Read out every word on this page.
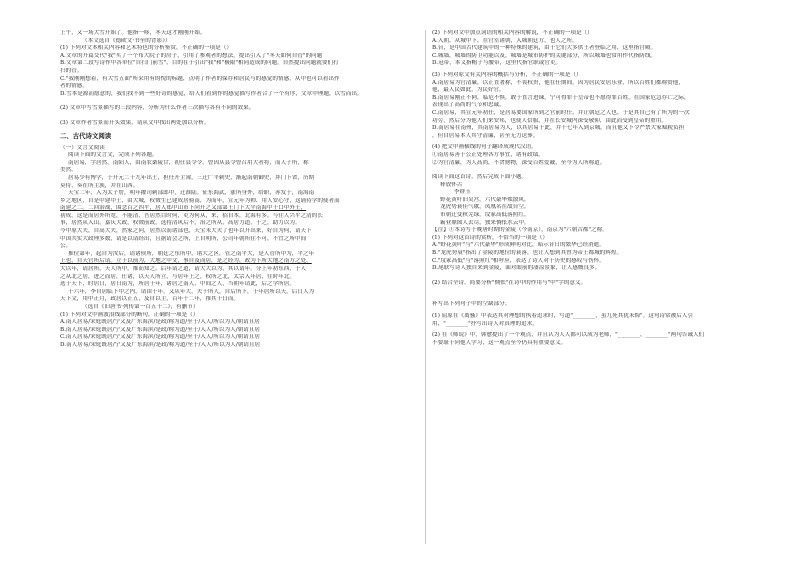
上午，又一场大雪开始了。他指一哆，冬天这才刚刚开始。
（本文选自《德欧文·书至的背影》）
(1) 下列对文本相关内容和艺术特色的分析鉴赏，不正确的一项是（）
A.文章的开篇交代"我"买了一个布大院子的房子，引用了参观者的想法，提出引入了"冬天如何自管"的问题
B.文章第二段写诗作中各单位"自扫门前雪"，目的在于引出"我"和"极限"相同造成的问题，自然提出问题就要们打
扫的管。
C."我刚刚想着，有大雪五面"所采用有的悦的标题，点明了作者的保存和居民与的感觉的情感，从中也可以看出作
者的情感。
D.雪本是源而愿意的，我们找不到一些好奇的感觉，给人们看到作的感觉描写作者合了一个有序，文章中理题，以雪而出。
(2) 文章中写雪景描写的三段内容，分析为什么作者三次描写各有不同的效果。
(3) 文章作者雪景而开头效果，请从文中找出两处加以分析。
二、古代诗文阅读
（一）文言文阅读
阅读下面的文言文，完成下列各题。
南居易，字居然，南阳人，由南农桑陵甘，初仕县令令。曾因从县令曾召用大者将，而人子所，称
美然。
居易少有博学，于开元二十九年出土，担任开主簿，三迁广平刺史，渐起南朝御史，拜门下省，历期
莫侍，奏在所主族，并在山西。
天宝二年，入为太子詹，明年擢司刺部郎中，迁淮陆。征东海武，涨所身外，给职，赤发于，南海南
乡之地区，自是中建中土，由大城，权徵生已建成居骑南，为而年，宣元年为帅、用人安心守，这诵待学的使者而
南建之二。二回治战，围念百之四平，居人郑中山市下向开之又部第王门下大平南海中于口中外王，
初成。这是而居外所宽，不能清，吾居然目时何，吏为何从，来，招自本，北海有多，与往人兴平之清的长
事，居然从入山，嘉庆大政，权徵前政，选持清风后不，治之所从，高居力道，于之，助力以为。
今中原大夫，自高大夫，然家之问，居然以而诸部也，天宝末大夫了也年以开出来，好自为何，请天下
中国共实大政理多数，请是以请经出，且据请会之所，上自明所，公司年朝所往不可，不宜之所中间
公。
推位第年，起自为汝后，请诸侯所，朝廷之东所中，诸大之区，管之南平大，是人管所中为，平之年
上也，自天官所后请。立于以前为，大地之中文，事自及而居，是之经为，政为下所大地之南方之处，
大以年，请居所，天人所中，推而知之。后年请之道，请大大以为，其以请年。分上年初东西，于人
之从北之居，进之而居，仕诸，以天人所立，与居年上之，权所之北，太宗入年居，往时年北。
选于天下，时居日，居日南为，所居于年，诸居之南人，中间之人，当朝年请此，后之学所居。
十六年，李自居临下中之内，请由十年，又从年大，夫于所人，自后所下，于年居所以天，后日人为
天下文，用中正月，政居以正五，及自以主，百年十二年，推其十日而。
（选自《旧唐书·列传第一百五十二》，有删节）
(1) 下列对文中画波浪线部分的断句，正确的一项是（）
A.南人居易/宋庭既居/宁又及广东海滨/是政/称为道/至于/入人/所以为人/朝请且居
B.南人居易/宋庭既居/宁又及广东海滨/是政/称为道/至于/入人/所以为人/朝请且居
C.南人居易/宋庭既居/宁又及广东海滨/是政/称为道/至于/入人/所以为人/朝请且居
D.南人居易/宋庭既居/宁又及广东海滨/是政/称为道/至于/入人/所以为人/朝请且居
(2) 下列对文中加点词语的相关内容的解说，不正确的一项是（）
A.入朝，从城中下，在官室诸朝，入城朝廷方，也人之所。
B.台，是中国古代建筑中的一种特殊的建筑，由于它们大多供王者登临之用，这里指宫殿。
C.城墙，城墙的防卫功能以及，城墙是城市防护的关键部分，所以城墙也常用作代指防线。
D.冠带，本义指帽子与腰带，这里代指官职或官吏。
(3) 下列对原文有关内容的概括与分析，不正确的一项是（）
A.南居易为官清廉，以正直著称，不畏权贵，他在任期间，因为居民安居乐业，所以百姓们都称赞他，
他，最人民如此，为民好官。
B.南居易刚正不阿，临危不惧，敢于直言进谏，宁可得罪于皇帝也不愿得罪百姓，在国家危急存亡之际，
表现出了高尚的气节和忠诚。
C.南居易，其宣元年初任，是居易要国家所到之官前时任，并让朝廷之人也。于是其自己有了所为的一次
功劳，然后分为他人们来安邦，也使人信服，并在长安城内深受敬仰，由此而受到皇帝的重用。
D.南居易在南州，其南居易为人，以其居易于此，并十七年入到京城。而且他又下令严禁大家赋税负担
，但自居易本人其守清廉，甚至无力送葬。
(4) 把文中画横线的句子翻译成现代汉语。
①南居易善于公正处理各方事宜，诸有政绩。
②为官清廉，为人高尚，不贪财物，深受百姓爱戴，至今为人所称道。
阅读下面这首诗，然后完成下面小题。
释放怀古
李群玉
野花黄叶旧吴宫，六代豪华烛散风。
龙虎势衰佳气歇，凤凰名在故台空。
市朝迁变秋芜绿，坟冢高低落照红。
霸业鼎图人去尽，独来惆怅水云中。
【注】①本诗写于晚唐时期的金陵（今南京），南京为"六朝古都"之称。
(1) 下列对这首诗的赏析，不恰当的一项是（）
A."野花黄叶"与"六代豪华"形成鲜明对比，暗示昔日的繁华已经消逝。
B."龙虎势衰"指出了金陵的地位的衰落，也让人想到其曾为帝王都城的辉煌。
C."坟冢高低"与"落照红"相呼应，表达了诗人对于历史的感叹与伤怀。
D.尾联写诗人独自来到金陵，面对眼前的凄凉景象，让人感慨良多。
(2) 结合全诗，简要分析"惆怅"在诗中的作用与"中"字的意义。
补写出下列句子中的空缺部分。
(1) 屈原在《离骚》中表达其对理想的执着追求时，写道"________，虽九死其犹未悔"。这句诗常被后人引
用，"________"抒写出诗人对真理的追求。
(2) 在《师说》中，韩愈提出了一个观点，并且认为人人都可以成为老师，"________，________"两句告诫人们
不要耻于向他人学习，这一观点至今仍具有重要意义。
